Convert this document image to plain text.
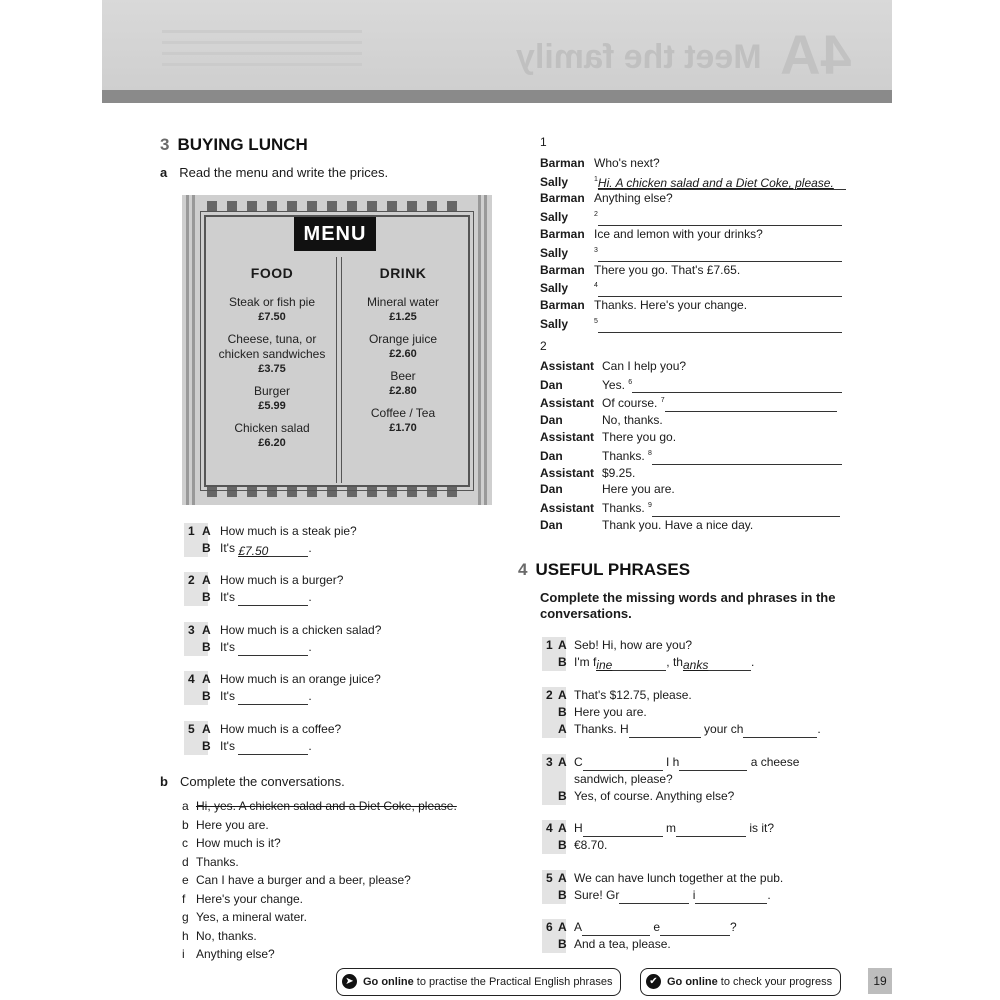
Meet the family 4A
3 BUYING LUNCH
a Read the menu and write the prices.
MENU
FOOD
Steak or fish pie
£7.50
Cheese, tuna, or chicken sandwiches
£3.75
Burger
£5.99
Chicken salad
£6.20
DRINK
Mineral water
£1.25
Orange juice
£2.60
Beer
£2.80
Coffee / Tea
£1.70
1 A How much is a steak pie?
B It's £7.50	.
2 A How much is a burger?
B It's	.
3 A How much is a chicken salad?
B It's	.
4 A How much is an orange juice?
B It's	.
5 A How much is a coffee?
B It's	.
b Complete the conversations.
a Hi, yes. A chicken salad and a Diet Coke, please.
b Here you are.
c How much is it?
d Thanks.
e Can I have a burger and a beer, please?
f Here's your change.
g Yes, a mineral water.
h No, thanks.
i Anything else?
1
Barman Who's next?
Sally	$^1$Hi. A chicken salad and a Diet Coke, please.
Barman Anything else?
Sally	$^2$
Barman Ice and lemon with your drinks?
Sally	$^3$
Barman There you go. That's £7.65.
Sally	$^4$
Barman Thanks. Here's your change.
Sally	$^5$
2
Assistant Can I help you?
Dan	Yes. $^6$
Assistant Of course. $^7$
Dan	No, thanks.
Assistant There you go.
Dan	Thanks. $^8$
Assistant $9.25.
Dan	Here you are.
Assistant Thanks. $^9$
Dan	Thank you. Have a nice day.
4 USEFUL PHRASES
Complete the missing words and phrases in the conversations.
1 A Seb! Hi, how are you?
B I'm fine	, thanks	.
2 A That's $12.75, please.
B Here you are.
A Thanks. H	your ch	.
3 A C	I h	a cheese
sandwich, please?
B Yes, of course. Anything else?
4 A H	m	is it?
B €8.70.
5 A We can have lunch together at the pub.
B Sure! Gr	i	.
6 A A	e	?
B And a tea, please.
➤ Go online to practise the Practical English phrases	✔ Go online to check your progress	19
